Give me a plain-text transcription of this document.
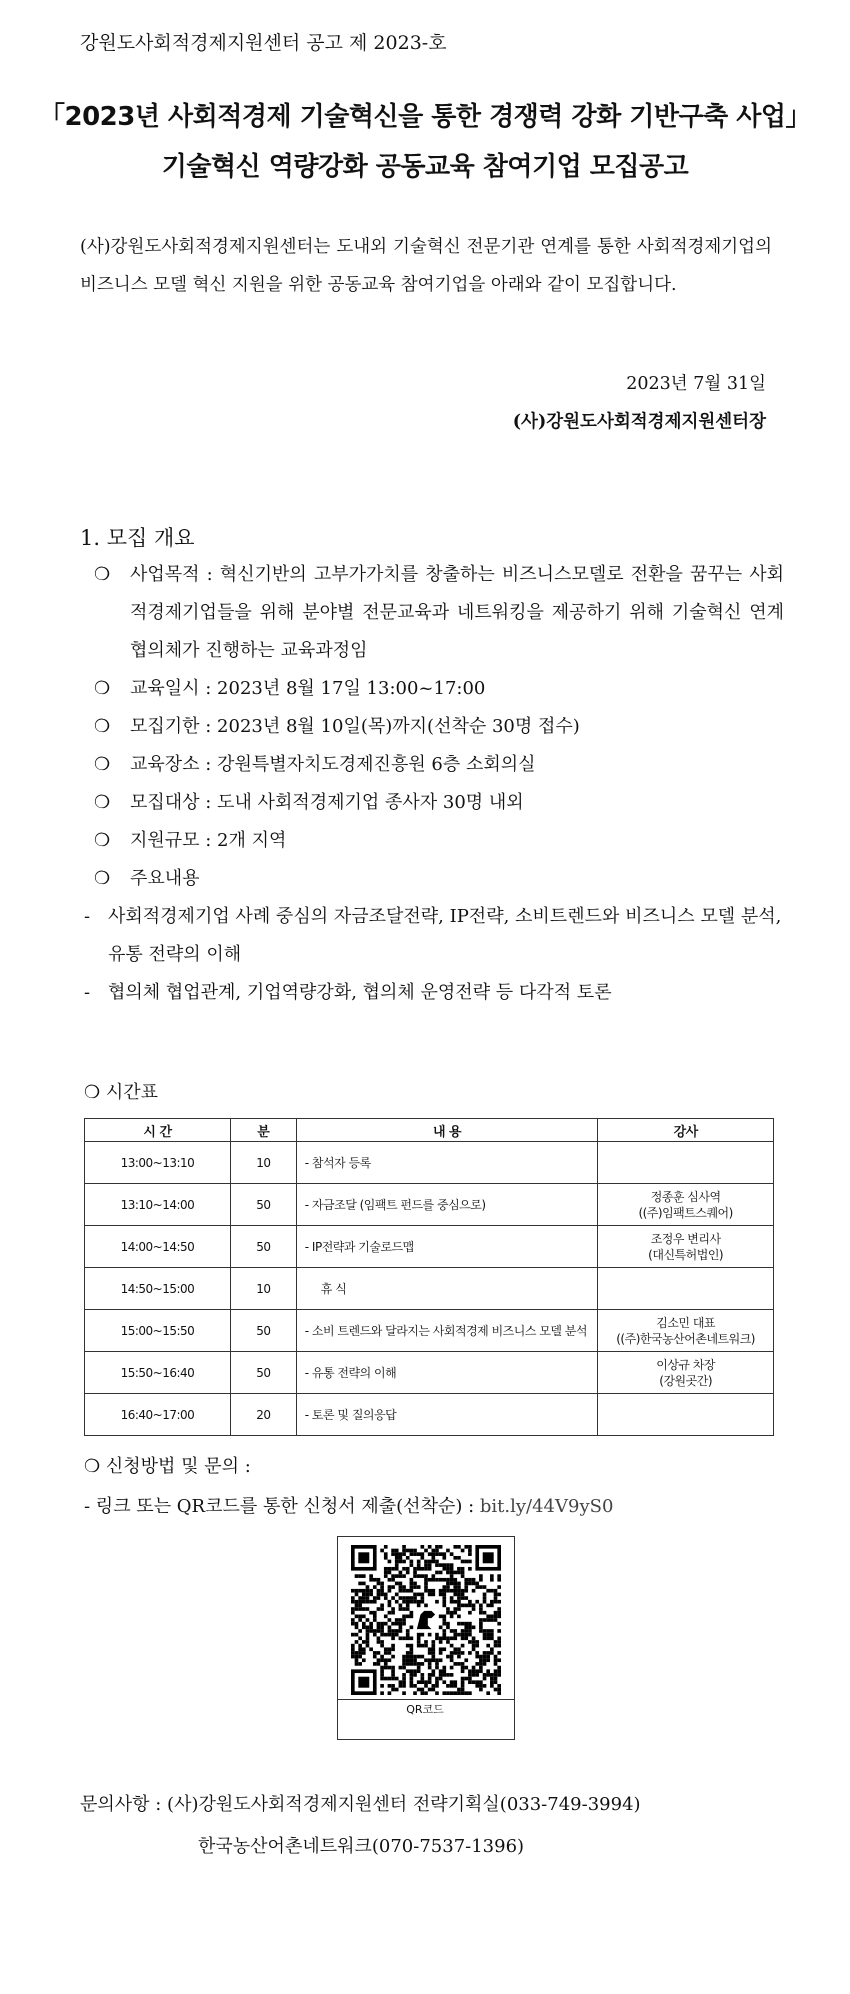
강원도사회적경제지원센터 공고 제 2023-호
「2023년 사회적경제 기술혁신을 통한 경쟁력 강화 기반구축 사업」
기술혁신 역량강화 공동교육 참여기업 모집공고
(사)강원도사회적경제지원센터는 도내외 기술혁신 전문기관 연계를 통한 사회적경제기업의 비즈니스 모델 혁신 지원을 위한 공동교육 참여기업을 아래와 같이 모집합니다.
2023년 7월 31일
(사)강원도사회적경제지원센터장
1. 모집 개요
❍ 사업목적 : 혁신기반의 고부가가치를 창출하는 비즈니스모델로 전환을 꿈꾸는 사회적경제기업들을 위해 분야별 전문교육과 네트워킹을 제공하기 위해 기술혁신 연계 협의체가 진행하는 교육과정임
❍ 교육일시 : 2023년 8월 17일 13:00~17:00
❍ 모집기한 : 2023년 8월 10일(목)까지(선착순 30명 접수)
❍ 교육장소 : 강원특별자치도경제진흥원 6층 소회의실
❍ 모집대상 : 도내 사회적경제기업 종사자 30명 내외
❍ 지원규모 : 2개 지역
❍ 주요내용
- 사회적경제기업 사례 중심의 자금조달전략, IP전략, 소비트렌드와 비즈니스 모델 분석, 유통 전략의 이해
- 협의체 협업관계, 기업역량강화, 협의체 운영전략 등 다각적 토론
❍ 시간표
시 간	분	내 용	강사
13:00~13:10	10	- 참석자 등록	

13:10~14:00	50	- 자금조달 (임팩트 펀드를 중심으로)	정종훈 심사역
((주)임팩트스퀘어)

14:00~14:50	50	- IP전략과 기술로드맵	조정우 변리사
(대신특허법인)

14:50~15:00	10	휴 식	

15:00~15:50	50	- 소비 트렌드와 달라지는 사회적경제 비즈니스 모델 분석	김소민 대표
((주)한국농산어촌네트워크)

15:50~16:40	50	- 유통 전략의 이해	이상규 차장
(강원곳간)

16:40~17:00	20	- 토론 및 질의응답	
❍ 신청방법 및 문의 :
- 링크 또는 QR코드를 통한 신청서 제출(선착순) : bit.ly/44V9yS0
QR코드
문의사항 : (사)강원도사회적경제지원센터 전략기획실(033-749-3994)
한국농산어촌네트워크(070-7537-1396)
